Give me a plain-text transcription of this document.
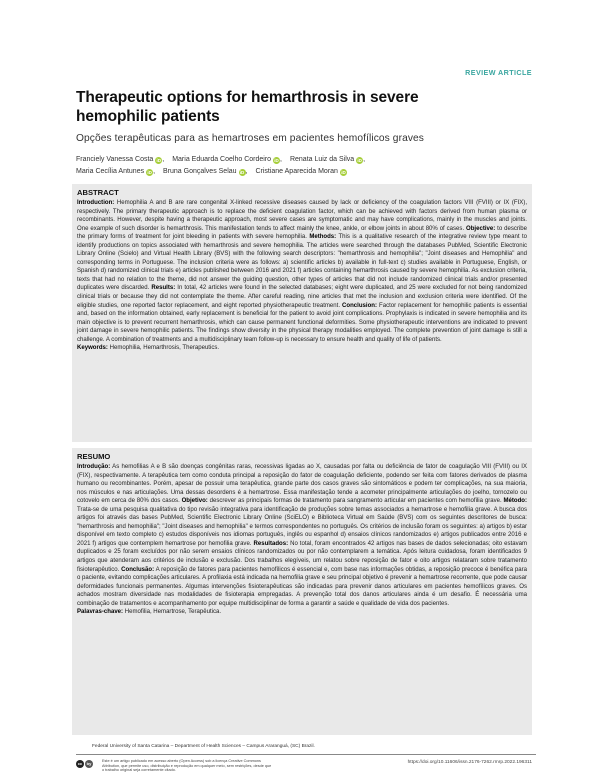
REVIEW ARTICLE
Therapeutic options for hemarthrosis in severe hemophilic patients
Opções terapêuticas para as hemartroses em pacientes hemofílicos graves
Franciely Vanessa Costa iD, Maria Eduarda Coelho Cordeiro iD, Renata Luiz da Silva iD,
Maria Cecília Antunes iD, Bruna Gonçalves Selau iD, Cristiane Aparecida Moran iD
ABSTRACT

Introduction: Hemophilia A and B are rare congenital X-linked recessive diseases caused by lack or deficiency of the coagulation factors VIII (FVIII) or IX (FIX), respectively. The primary therapeutic approach is to replace the deficient coagulation factor, which can be achieved with factors derived from human plasma or recombinants. However, despite having a therapeutic approach, most severe cases are symptomatic and may have complications, mainly in the muscles and joints. One example of such disorder is hemarthrosis. This manifestation tends to affect mainly the knee, ankle, or elbow joints in about 80% of cases. Objective: to describe the primary forms of treatment for joint bleeding in patients with severe hemophilia. Methods: This is a qualitative research of the integrative review type meant to identify productions on topics associated with hemarthrosis and severe hemophilia. The articles were searched through the databases PubMed, Scientific Electronic Library Online (Scielo) and Virtual Health Library (BVS) with the following search descriptors: "hemarthrosis and hemophilia"; "Joint diseases and Hemophilia" and corresponding terms in Portuguese. The inclusion criteria were as follows: a) scientific articles b) available in full-text c) studies available in Portuguese, English, or Spanish d) randomized clinical trials e) articles published between 2016 and 2021 f) articles containing hemarthrosis caused by severe hemophilia. As exclusion criteria, texts that had no relation to the theme, did not answer the guiding question, other types of articles that did not include randomized clinical trials and/or presented duplicates were discarded. Results: In total, 42 articles were found in the selected databases; eight were duplicated, and 25 were excluded for not being randomized clinical trials or because they did not contemplate the theme. After careful reading, nine articles that met the inclusion and exclusion criteria were identified. Of the eligible studies, one reported factor replacement, and eight reported physiotherapeutic treatment. Conclusion: Factor replacement for hemophilic patients is essential and, based on the information obtained, early replacement is beneficial for the patient to avoid joint complications. Prophylaxis is indicated in severe hemophilia and its main objective is to prevent recurrent hemarthrosis, which can cause permanent functional deformities. Some physiotherapeutic interventions are indicated to prevent joint damage in severe hemophilic patients. The findings show diversity in the physical therapy modalities employed. The complete prevention of joint damage is still a challenge. A combination of treatments and a multidisciplinary team follow-up is necessary to ensure health and quality of life of patients.
Keywords: Hemophilia, Hemarthrosis, Therapeutics.

RESUMO

Introdução: As hemofilias A e B são doenças congênitas raras, recessivas ligadas ao X, causadas por falta ou deficiência de fator de coagulação VIII (FVIII) ou IX (FIX), respectivamente. A terapêutica tem como conduta principal a reposição do fator de coagulação deficiente, podendo ser feita com fatores derivados de plasma humano ou recombinantes. Porém, apesar de possuir uma terapêutica, grande parte dos casos graves são sintomáticos e podem ter complicações, na sua maioria, nos músculos e nas articulações. Uma dessas desordens é a hemartrose. Essa manifestação tende a acometer principalmente articulações do joelho, tornozelo ou cotovelo em cerca de 80% dos casos. Objetivo: descrever as principais formas de tratamento para sangramento articular em pacientes com hemofilia grave. Método: Trata-se de uma pesquisa qualitativa do tipo revisão integrativa para identificação de produções sobre temas associados a hemartrose e hemofilia grave. A busca dos artigos foi através das bases PubMed, Scientific Electronic Library Online (SciELO) e Biblioteca Virtual em Saúde (BVS) com os seguintes descritores de busca: "hemarthrosis and hemophilia"; "Joint diseases and hemophilia" e termos correspondentes no português. Os critérios de inclusão foram os seguintes: a) artigos b) estar disponível em texto completo c) estudos disponíveis nos idiomas português, inglês ou espanhol d) ensaios clínicos randomizados e) artigos publicados entre 2016 e 2021 f) artigos que contemplem hemartrose por hemofilia grave. Resultados: No total, foram encontrados 42 artigos nas bases de dados selecionadas; oito estavam duplicados e 25 foram excluídos por não serem ensaios clínicos randomizados ou por não contemplarem a temática. Após leitura cuidadosa, foram identificados 9 artigos que atenderam aos critérios de inclusão e exclusão. Dos trabalhos elegíveis, um relatou sobre reposição de fator e oito artigos relataram sobre tratamento fisioterapêutico. Conclusão: A reposição de fatores para pacientes hemofílicos é essencial e, com base nas informações obtidas, a reposição precoce é benéfica para o paciente, evitando complicações articulares. A profilaxia está indicada na hemofilia grave e seu principal objetivo é prevenir a hemartrose recorrente, que pode causar deformidades funcionais permanentes. Algumas intervenções fisioterapêuticas são indicadas para prevenir danos articulares em pacientes hemofílicos graves. Os achados mostram diversidade nas modalidades de fisioterapia empregadas. A prevenção total dos danos articulares ainda é um desafio. É necessária uma combinação de tratamentos e acompanhamento por equipe multidisciplinar de forma a garantir a saúde e qualidade de vida dos pacientes.
Palavras-chave: Hemofilia, Hemartrose, Terapêutica.

Federal University of Santa Catarina – Department of Health Sciences – Campus Araranguá, (SC) Brazil.
cc	by	Este é um artigo publicado em acesso aberto (Open Access) sob a licença Creative Commons Attribution, que permite uso, distribuição e reprodução em qualquer meio, sem restrições, desde que o trabalho original seja corretamente citado.
https://doi.org/10.11606/issn.2176-7262.rmrp.2022.196311
